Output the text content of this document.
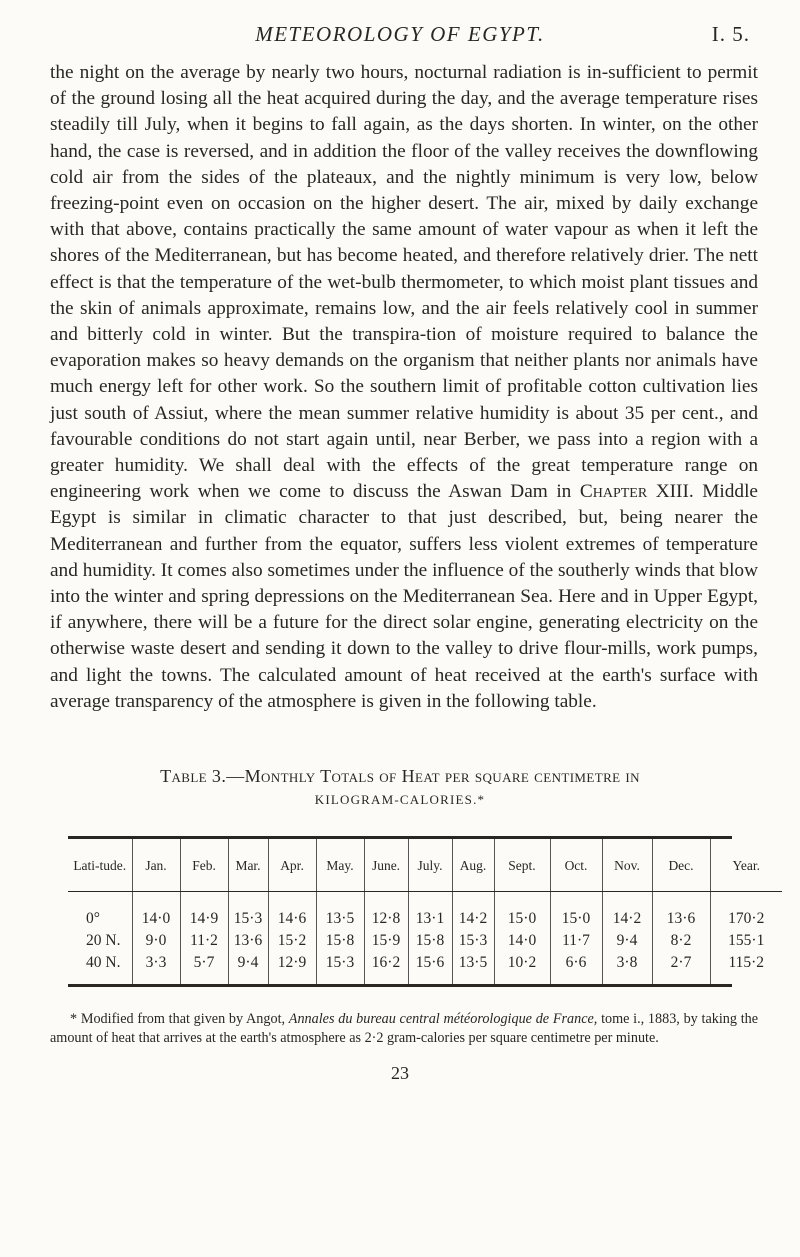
METEOROLOGY OF EGYPT.	I. 5.

the night on the average by nearly two hours, nocturnal radiation is in-sufficient to permit of the ground losing all the heat acquired during the day, and the average temperature rises steadily till July, when it begins to fall again, as the days shorten. In winter, on the other hand, the case is reversed, and in addition the floor of the valley receives the downflowing cold air from the sides of the plateaux, and the nightly minimum is very low, below freezing-point even on occasion on the higher desert. The air, mixed by daily exchange with that above, contains practically the same amount of water vapour as when it left the shores of the Mediterranean, but has become heated, and therefore relatively drier. The nett effect is that the temperature of the wet-bulb thermometer, to which moist plant tissues and the skin of animals approximate, remains low, and the air feels relatively cool in summer and bitterly cold in winter. But the transpira-tion of moisture required to balance the evaporation makes so heavy demands on the organism that neither plants nor animals have much energy left for other work. So the southern limit of profitable cotton cultivation lies just south of Assiut, where the mean summer relative humidity is about 35 per cent., and favourable conditions do not start again until, near Berber, we pass into a region with a greater humidity. We shall deal with the effects of the great temperature range on engineering work when we come to discuss the Aswan Dam in Chapter XIII. Middle Egypt is similar in climatic character to that just described, but, being nearer the Mediterranean and further from the equator, suffers less violent extremes of temperature and humidity. It comes also sometimes under the influence of the southerly winds that blow into the winter and spring depressions on the Mediterranean Sea. Here and in Upper Egypt, if anywhere, there will be a future for the direct solar engine, generating electricity on the otherwise waste desert and sending it down to the valley to drive flour-mills, work pumps, and light the towns. The calculated amount of heat received at the earth's surface with average transparency of the atmosphere is given in the following table.

Table 3.—Monthly Totals of Heat per square centimetre in
KILOGRAM-CALORIES.*
Lati-tude.	Jan.	Feb.	Mar.	Apr.	May.	June.	July.	Aug.	Sept.	Oct.	Nov.	Dec.	Year.

0°	14·0	14·9	15·3	14·6	13·5	12·8	13·1	14·2	15·0	15·0	14·2	13·6	170·2
20 N.	9·0	11·2	13·6	15·2	15·8	15·9	15·8	15·3	14·0	11·7	9·4	8·2	155·1
40 N.	3·3	5·7	9·4	12·9	15·3	16·2	15·6	13·5	10·2	6·6	3·8	2·7	115·2

* Modified from that given by Angot, Annales du bureau central météorologique de France, tome i., 1883, by taking the amount of heat that arrives at the earth's atmosphere as 2·2 gram-calories per square centimetre per minute.

23
